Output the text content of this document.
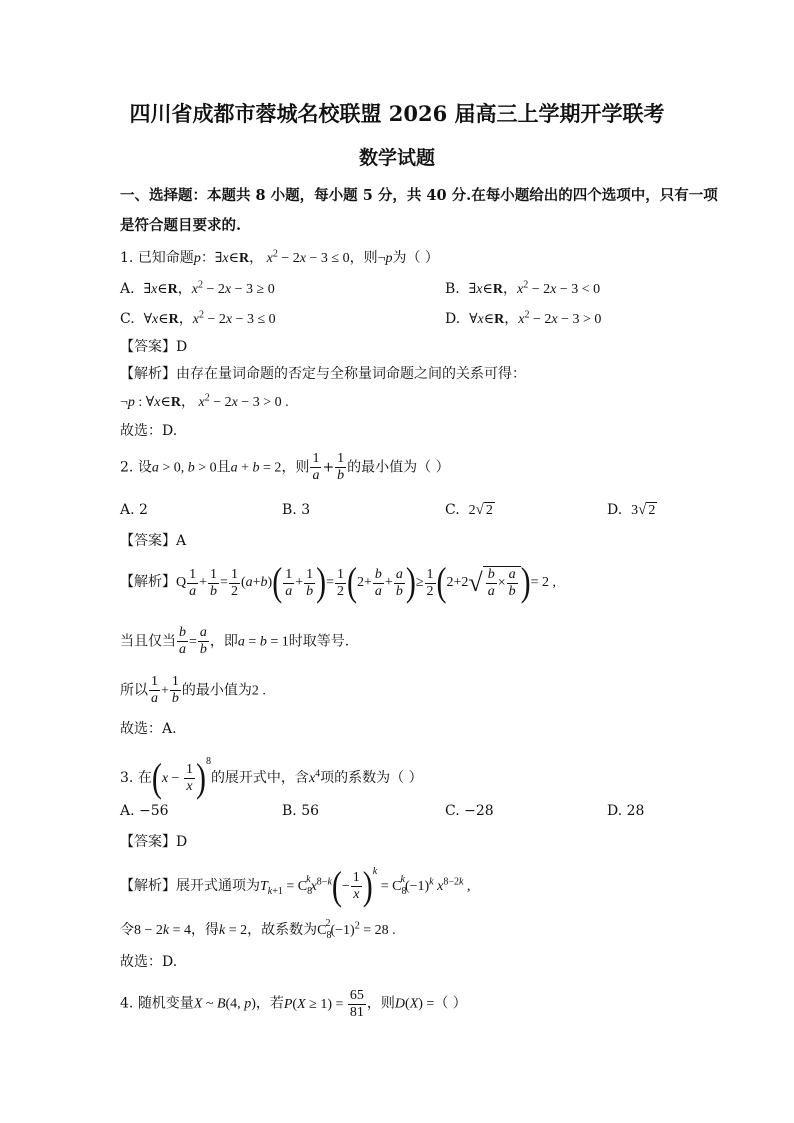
四川省成都市蓉城名校联盟 2026 届高三上学期开学联考
数学试题
一、选择题：本题共 8 小题，每小题 5 分，共 40 分.在每小题给出的四个选项中，只有一项
是符合题目要求的.
1. 已知命题p：∃x∈R， $x^2 - 2x - 3 \le 0$，则¬p为（ ）
A. ∃x∈R，$x^2 - 2x - 3 \ge 0$	B. ∃x∈R，$x^2 - 2x - 3 < 0$
C. ∀x∈R，$x^2 - 2x - 3 \le 0$	D. ∀x∈R，$x^2 - 2x - 3 > 0$
【答案】D
【解析】由存在量词命题的否定与全称量词命题之间的关系可得：
¬p : ∀x∈R， $x^2 - 2x - 3 > 0$ .
故选：D.
2. 设a > 0, b > 0且a + b = 2，则 $\frac{1}{a} + \frac{1}{b}$ 的最小值为（ ）
A. 2	B. 3	C. 2√ 2	D. 3√ 2
【答案】A
【解析】Q $\frac{1}{a} + \frac{1}{b} = \frac{1}{2} (a+b)( \frac{1}{a} + \frac{1}{b}$ )= $\frac{1}{2} (2+ \frac{b}{a} + \frac{a}{b}$ )≥ $\frac{1}{2} (2+2√ \frac{b}{a} \times \frac{a}{b}$ )= 2 ,
当且仅当 $\frac{b}{a} = \frac{a}{b}$ ，即a = b = 1时取等号.
所以 $\frac{1}{a} + \frac{1}{b}$ 的最小值为2 .
故选：A.
3. 在$(x - \frac{1}{x} )^8$的展开式中，含$x^4$项的系数为（ ）
A. −56	B. 56	C. −28	D. 28
【答案】D
【解析】展开式通项为$T_{k+1} = C_8^kx^{8-k}(- \frac{1}{x} )^k = C_8^k(-1)^k$ $x^{8-2k}$ ,
令8 − 2k = 4，得k = 2，故系数为$C_8^2(-1)^2 = 28$ .
故选：D.
4. 随机变量X ~ B(4, p)，若$P(X \ge 1) = \frac{65}{81}$ ，则D(X) =（ ）
